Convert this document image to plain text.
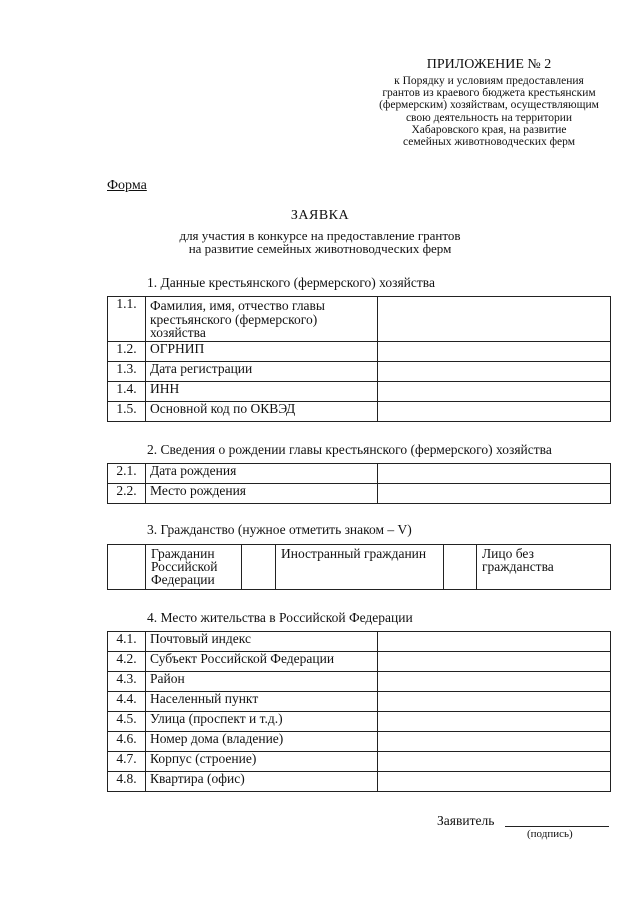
ПРИЛОЖЕНИЕ № 2
к Порядку и условиям предоставления
грантов из краевого бюджета крестьянским
(фермерским) хозяйствам, осуществляющим
свою деятельность на территории
Хабаровского края, на развитие
семейных животноводческих ферм
Форма
ЗАЯВКА
для участия в конкурсе на предоставление грантов
на развитие семейных животноводческих ферм
1. Данные крестьянского (фермерского) хозяйства
1.1.	Фамилия, имя, отчество главы крестьянского (фермерского) хозяйства	
1.2.	ОГРНИП	
1.3.	Дата регистрации	
1.4.	ИНН	
1.5.	Основной код по ОКВЭД	
2. Сведения о рождении главы крестьянского (фермерского) хозяйства
2.1.	Дата рождения	
2.2.	Место рождения	
3. Гражданство (нужное отметить знаком – V)
	Гражданин Российской Федерации		Иностранный гражданин		Лицо без гражданства
4. Место жительства в Российской Федерации
4.1.	Почтовый индекс	
4.2.	Субъект Российской Федерации	
4.3.	Район	
4.4.	Населенный пункт	
4.5.	Улица (проспект и т.д.)	
4.6.	Номер дома (владение)	
4.7.	Корпус (строение)	
4.8.	Квартира (офис)	
Заявитель
(подпись)
